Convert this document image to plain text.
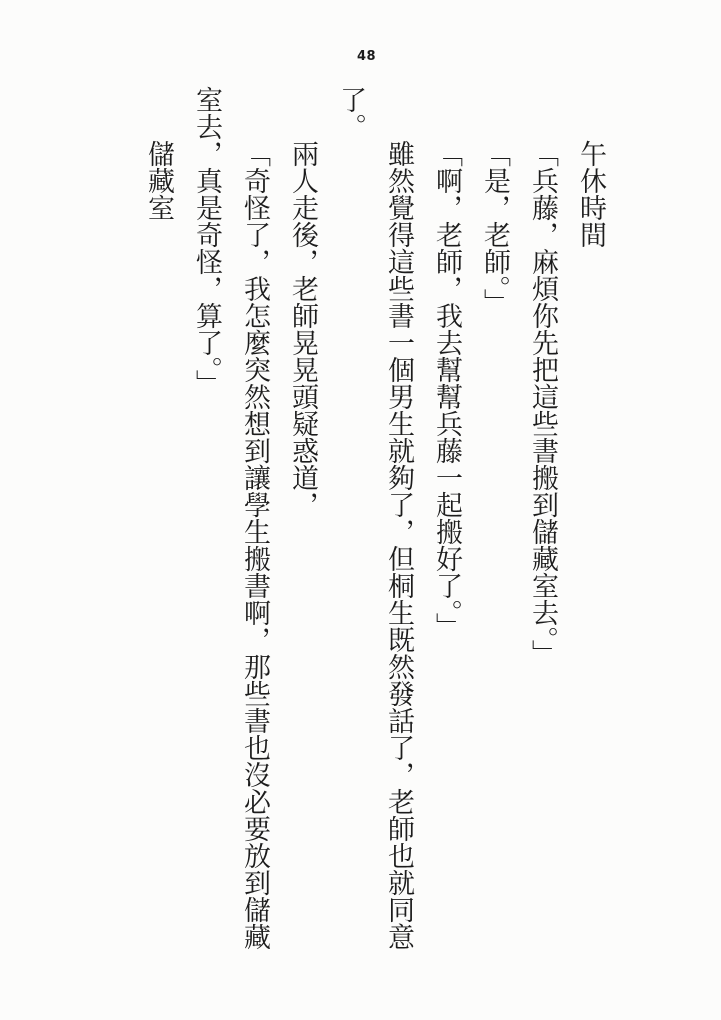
48

午休時間

「兵藤，麻煩你先把這些書搬到儲藏室去。」

「是，老師。」

「啊，老師，我去幫幫兵藤一起搬好了。」

雖然覺得這些書一個男生就夠了，但桐生既然發話了，老師也就同意了。

兩人走後，老師晃晃頭疑惑道，

「奇怪了，我怎麼突然想到讓學生搬書啊，那些書也沒必要放到儲藏室去，真是奇怪，算了。」

儲藏室
